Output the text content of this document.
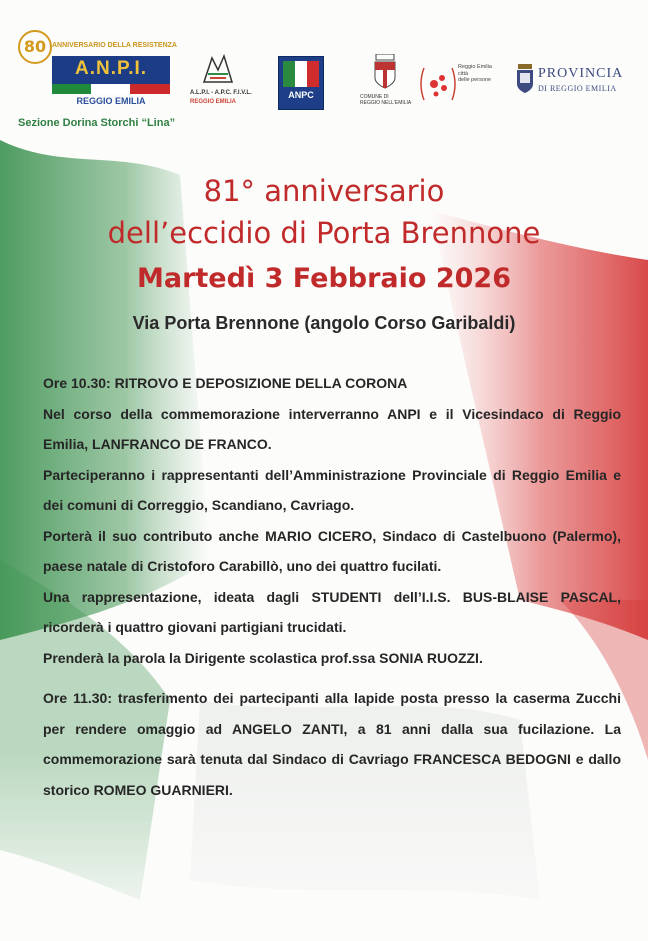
80 ANNIVERSARIO DELLA RESISTENZA
A.N.P.I.
REGGIO EMILIA
Sezione Dorina Storchi “Lina”
A.L.P.I. - A.P.C. F.I.V.L.
REGGIO EMILIA
ANPC	COMUNE DI
REGGIO NELL'EMILIA
Reggio Emilia
città
delle persone	PROVINCIA
DI REGGIO EMILIA
81° anniversario
dell’eccidio di Porta Brennone
Martedì 3 Febbraio 2026
Via Porta Brennone (angolo Corso Garibaldi)

Ore 10.30: RITROVO E DEPOSIZIONE DELLA CORONA

Nel corso della commemorazione interverranno ANPI e il Vicesindaco di Reggio Emilia, LANFRANCO DE FRANCO.

Parteciperanno i rappresentanti dell’Amministrazione Provinciale di Reggio Emilia e dei comuni di Correggio, Scandiano, Cavriago.

Porterà il suo contributo anche MARIO CICERO, Sindaco di Castelbuono (Palermo), paese natale di Cristoforo Carabillò, uno dei quattro fucilati.

Una rappresentazione, ideata dagli STUDENTI dell’I.I.S. BUS-BLAISE PASCAL, ricorderà i quattro giovani partigiani trucidati.

Prenderà la parola la Dirigente scolastica prof.ssa SONIA RUOZZI.

Ore 11.30: trasferimento dei partecipanti alla lapide posta presso la caserma Zucchi per rendere omaggio ad ANGELO ZANTI, a 81 anni dalla sua fucilazione. La commemorazione sarà tenuta dal Sindaco di Cavriago FRANCESCA BEDOGNI e dallo storico ROMEO GUARNIERI.
